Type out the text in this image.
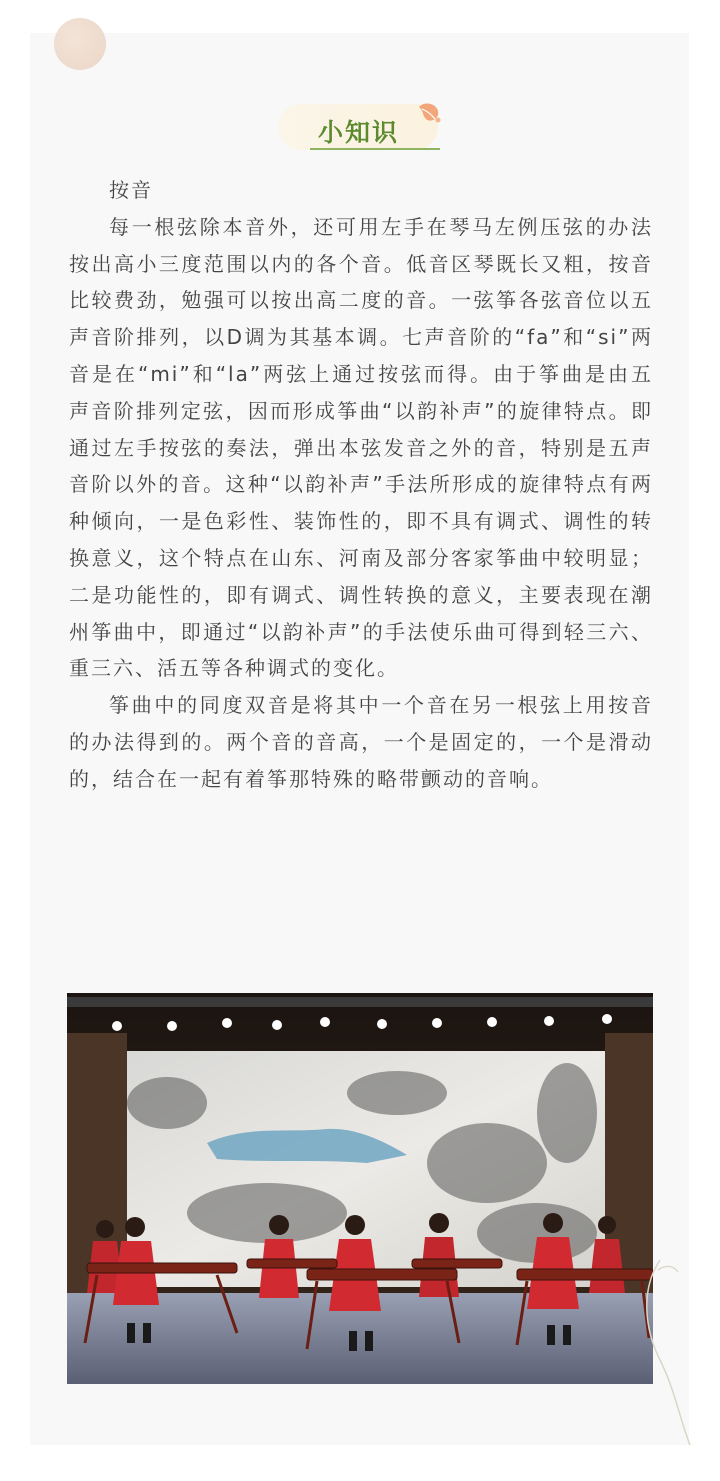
小知识

按音

每一根弦除本音外，还可用左手在琴马左例压弦的办法按出高小三度范围以内的各个音。低音区琴既长又粗，按音比较费劲，勉强可以按出高二度的音。一弦筝各弦音位以五声音阶排列，以D调为其基本调。七声音阶的“fa”和“si”两音是在“mi”和“la”两弦上通过按弦而得。由于筝曲是由五声音阶排列定弦，因而形成筝曲“以韵补声”的旋律特点。即通过左手按弦的奏法，弹出本弦发音之外的音，特别是五声音阶以外的音。这种“以韵补声”手法所形成的旋律特点有两种倾向，一是色彩性、装饰性的，即不具有调式、调性的转换意义，这个特点在山东、河南及部分客家筝曲中较明显；二是功能性的，即有调式、调性转换的意义，主要表现在潮州筝曲中，即通过“以韵补声”的手法使乐曲可得到轻三六、重三六、活五等各种调式的变化。

筝曲中的同度双音是将其中一个音在另一根弦上用按音的办法得到的。两个音的音高，一个是固定的，一个是滑动的，结合在一起有着筝那特殊的略带颤动的音响。
